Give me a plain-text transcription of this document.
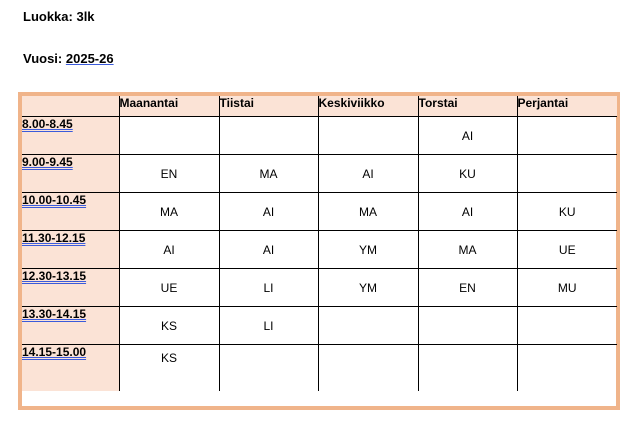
Luokka: 3lk
Vuosi: 2025-26
	Maanantai	Tiistai	Keskiviikko	Torstai	Perjantai
8.00-8.45				AI	
9.00-9.45	EN	MA	AI	KU	
10.00-10.45	MA	AI	MA	AI	KU
11.30-12.15	AI	AI	YM	MA	UE
12.30-13.15	UE	LI	YM	EN	MU
13.30-14.15	KS	LI			
14.15-15.00	KS				
